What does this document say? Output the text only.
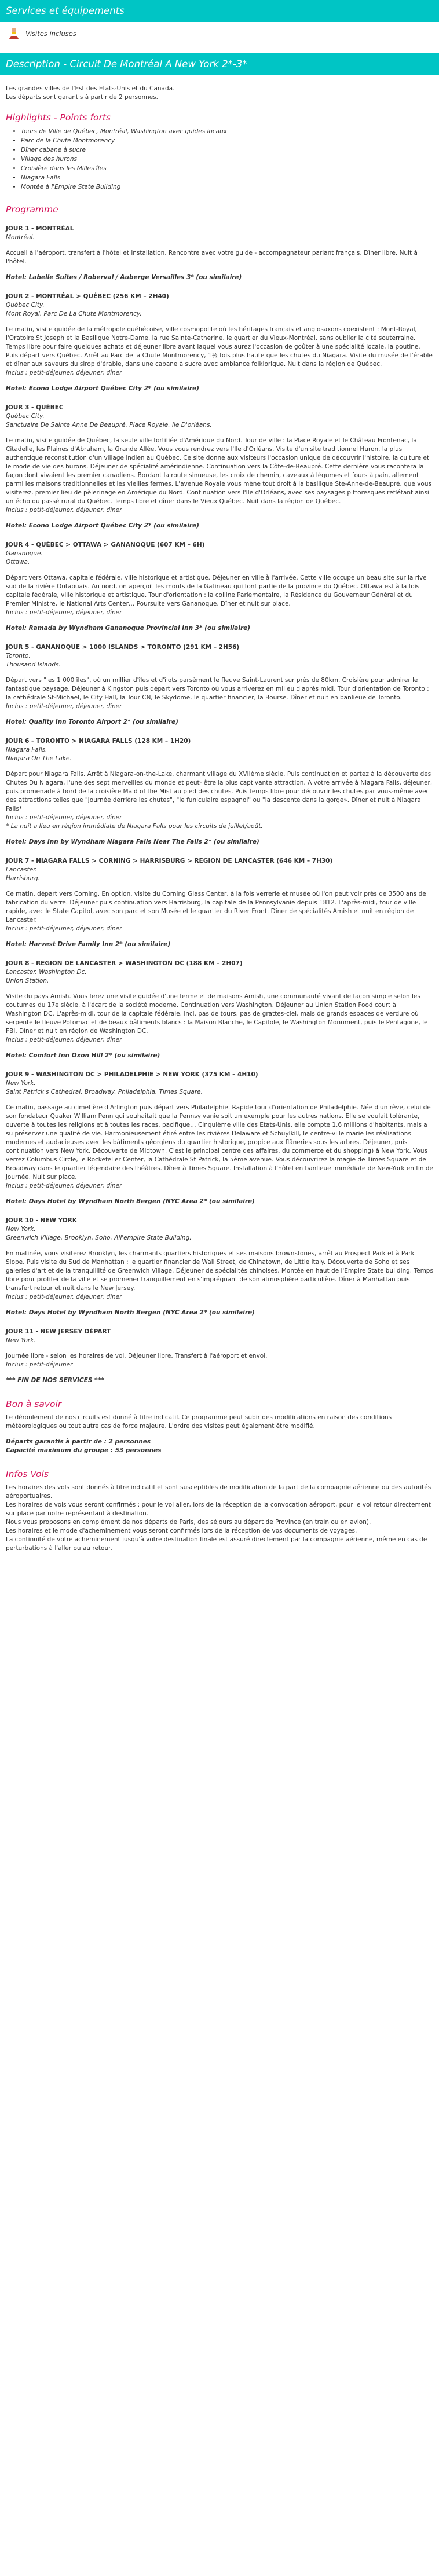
Services et équipements
Visites incluses
Description - Circuit De Montréal A New York 2*-3*

Les grandes villes de l'Est des Etats-Unis et du Canada.

Les départs sont garantis à partir de 2 personnes.

Highlights - Points forts
• Tours de Ville de Québec, Montréal, Washington avec guides locaux
• Parc de la Chute Montmorency
• Dîner cabane à sucre
• Village des hurons
• Croisière dans les Milles îles
• Niagara Falls
• Montée à l'Empire State Building
Programme
JOUR 1 - MONTRÉAL
Montréal.

Accueil à l'aéroport, transfert à l'hôtel et installation. Rencontre avec votre guide - accompagnateur parlant français. Dîner libre. Nuit à l'hôtel.

Hotel: Labelle Suites / Roberval / Auberge Versailles 3* (ou similaire)
JOUR 2 - MONTRÉAL > QUÉBEC (256 KM – 2H40)
Québec City.
Mont Royal, Parc De La Chute Montmorency.

Le matin, visite guidée de la métropole québécoise, ville cosmopolite où les héritages français et anglosaxons coexistent : Mont-Royal, l'Oratoire St Joseph et la Basilique Notre-Dame, la rue Sainte-Catherine, le quartier du Vieux-Montréal, sans oublier la cité souterraine. Temps libre pour faire quelques achats et déjeuner libre avant laquel vous aurez l'occasion de goûter à une spécialité locale, la poutine. Puis départ vers Québec. Arrêt au Parc de la Chute Montmorency, 1½ fois plus haute que les chutes du Niagara. Visite du musée de l'érable et dîner aux saveurs du sirop d'érable, dans une cabane à sucre avec ambiance folklorique. Nuit dans la région de Québec.

Inclus : petit-déjeuner, déjeuner, dîner
Hotel: Econo Lodge Airport Québec City 2* (ou similaire)
JOUR 3 - QUÉBEC
Québec City.
Sanctuaire De Sainte Anne De Beaupré, Place Royale, Ile D'orléans.

Le matin, visite guidée de Québec, la seule ville fortifiée d'Amérique du Nord. Tour de ville : la Place Royale et le Château Frontenac, la Citadelle, les Plaines d'Abraham, la Grande Allée. Vous vous rendrez vers l'Ile d'Orléans. Visite d'un site traditionnel Huron, la plus authentique reconstitution d'un village indien au Québec. Ce site donne aux visiteurs l'occasion unique de découvrir l'histoire, la culture et le mode de vie des hurons. Déjeuner de spécialité amérindienne. Continuation vers la Côte-de-Beaupré. Cette dernière vous racontera la façon dont vivaient les premier canadiens. Bordant la route sinueuse, les croix de chemin, caveaux à légumes et fours à pain, allement parmi les maisons traditionnelles et les vieilles fermes. L'avenue Royale vous mène tout droit à la basilique Ste-Anne-de-Beaupré, que vous visiterez, premier lieu de pèlerinage en Amérique du Nord. Continuation vers l'Ile d'Orléans, avec ses paysages pittoresques reflétant ainsi un écho du passé rural du Québec. Temps libre et dîner dans le Vieux Québec. Nuit dans la région de Québec.

Inclus : petit-déjeuner, déjeuner, dîner
Hotel: Econo Lodge Airport Québec City 2* (ou similaire)
JOUR 4 - QUÉBEC > OTTAWA > GANANOQUE (607 KM – 6H)
Gananoque.
Ottawa.

Départ vers Ottawa, capitale fédérale, ville historique et artistique. Déjeuner en ville à l'arrivée. Cette ville occupe un beau site sur la rive sud de la rivière Outaouais. Au nord, on aperçoit les monts de la Gatineau qui font partie de la province du Québec. Ottawa est à la fois capitale fédérale, ville historique et artistique. Tour d'orientation : la colline Parlementaire, la Résidence du Gouverneur Général et du Premier Ministre, le National Arts Center… Poursuite vers Gananoque. Dîner et nuit sur place.

Inclus : petit-déjeuner, déjeuner, dîner
Hotel: Ramada by Wyndham Gananoque Provincial Inn 3* (ou similaire)
JOUR 5 - GANANOQUE > 1000 ISLANDS > TORONTO (291 KM – 2H56)
Toronto.
Thousand Islands.

Départ vers "les 1 000 îles", où un millier d'îles et d'îlots parsèment le fleuve Saint-Laurent sur près de 80km. Croisière pour admirer le fantastique paysage. Déjeuner à Kingston puis départ vers Toronto où vous arriverez en milieu d'après midi. Tour d'orientation de Toronto : la cathédrale St-Michael, le City Hall, la Tour CN, le Skydome, le quartier financier, la Bourse. Dîner et nuit en banlieue de Toronto.

Inclus : petit-déjeuner, déjeuner, dîner
Hotel: Quality Inn Toronto Airport 2* (ou similaire)
JOUR 6 - TORONTO > NIAGARA FALLS (128 KM – 1H20)
Niagara Falls.
Niagara On The Lake.

Départ pour Niagara Falls. Arrêt à Niagara-on-the-Lake, charmant village du XVIIème siècle. Puis continuation et partez à la découverte des Chutes Du Niagara, l'une des sept merveilles du monde et peut- être la plus captivante attraction. A votre arrivée à Niagara Falls, déjeuner, puis promenade à bord de la croisière Maid of the Mist au pied des chutes. Puis temps libre pour découvrir les chutes par vous-même avec des attractions telles que "Journée derrière les chutes", "le funiculaire espagnol" ou "la descente dans la gorge». Dîner et nuit à Niagara Falls*

Inclus : petit-déjeuner, déjeuner, dîner

* La nuit a lieu en région immédiate de Niagara Falls pour les circuits de juillet/août.

Hotel: Days Inn by Wyndham Niagara Falls Near The Falls 2* (ou similaire)
JOUR 7 - NIAGARA FALLS > CORNING > HARRISBURG > REGION DE LANCASTER (646 KM – 7H30)
Lancaster.
Harrisburg.

Ce matin, départ vers Corning. En option, visite du Corning Glass Center, à la fois verrerie et musée où l'on peut voir près de 3500 ans de fabrication du verre. Déjeuner puis continuation vers Harrisburg, la capitale de la Pennsylvanie depuis 1812. L'après-midi, tour de ville rapide, avec le State Capitol, avec son parc et son Musée et le quartier du River Front. Dîner de spécialités Amish et nuit en région de Lancaster.

Inclus : petit-déjeuner, déjeuner, dîner
Hotel: Harvest Drive Family Inn 2* (ou similaire)
JOUR 8 - REGION DE LANCASTER > WASHINGTON DC (188 KM – 2H07)
Lancaster, Washington Dc.
Union Station.

Visite du pays Amish. Vous ferez une visite guidée d'une ferme et de maisons Amish, une communauté vivant de façon simple selon les coutumes du 17e siècle, à l'écart de la société moderne. Continuation vers Washington. Déjeuner au Union Station Food court à Washington DC. L'après-midi, tour de la capitale fédérale, incl. pas de tours, pas de grattes-ciel, mais de grands espaces de verdure où serpente le fleuve Potomac et de beaux bâtiments blancs : la Maison Blanche, le Capitole, le Washington Monument, puis le Pentagone, le FBI. Dîner et nuit en région de Washington DC.

Inclus : petit-déjeuner, déjeuner, dîner
Hotel: Comfort Inn Oxon Hill 2* (ou similaire)
JOUR 9 - WASHINGTON DC > PHILADELPHIE > NEW YORK (375 KM – 4H10)
New York.
Saint Patrick's Cathedral, Broadway, Philadelphia, Times Square.

Ce matin, passage au cimetière d'Arlington puis départ vers Philadelphie. Rapide tour d'orientation de Philadelphie. Née d'un rêve, celui de son fondateur Quaker William Penn qui souhaitait que la Pennsylvanie soit un exemple pour les autres nations. Elle se voulait tolérante, ouverte à toutes les religions et à toutes les races, pacifique… Cinquième ville des Etats-Unis, elle compte 1,6 millions d'habitants, mais a su préserver une qualité de vie. Harmonieusement étiré entre les rivières Delaware et Schuylkill, le centre-ville marie les réalisations modernes et audacieuses avec les bâtiments géorgiens du quartier historique, propice aux flâneries sous les arbres. Déjeuner, puis continuation vers New York. Découverte de Midtown. C'est le principal centre des affaires, du commerce et du shopping) à New York. Vous verrez Columbus Circle, le Rockefeller Center, la Cathédrale St Patrick, la 5ème avenue. Vous découvrirez la magie de Times Square et de Broadway dans le quartier légendaire des théâtres. Dîner à Times Square. Installation à l'hôtel en banlieue immédiate de New-York en fin de journée. Nuit sur place.

Inclus : petit-déjeuner, déjeuner, dîner
Hotel: Days Hotel by Wyndham North Bergen (NYC Area 2* (ou similaire)
JOUR 10 - NEW YORK
New York.
Greenwich Village, Brooklyn, Soho, All'empire State Building.

En matinée, vous visiterez Brooklyn, les charmants quartiers historiques et ses maisons brownstones, arrêt au Prospect Park et à Park Slope. Puis visite du Sud de Manhattan : le quartier financier de Wall Street, de Chinatown, de Little Italy. Découverte de Soho et ses galeries d'art et de la tranquillité de Greenwich Village. Déjeuner de spécialités chinoises. Montée en haut de l'Empire State building. Temps libre pour profiter de la ville et se promener tranquillement en s'imprégnant de son atmosphère particulière. Dîner à Manhattan puis transfert retour et nuit dans le New Jersey.

Inclus : petit-déjeuner, déjeuner, dîner
Hotel: Days Hotel by Wyndham North Bergen (NYC Area 2* (ou similaire)
JOUR 11 - NEW JERSEY DÉPART
New York.

Journée libre - selon les horaires de vol. Déjeuner libre. Transfert à l'aéroport et envol.

Inclus : petit-déjeuner
*** FIN DE NOS SERVICES ***
Bon à savoir

Le déroulement de nos circuits est donné à titre indicatif. Ce programme peut subir des modifications en raison des conditions météorologiques ou tout autre cas de force majeure. L'ordre des visites peut également être modifié.

Départs garantis à partir de : 2 personnes

Capacité maximum du groupe : 53 personnes

Infos Vols

Les horaires des vols sont donnés à titre indicatif et sont susceptibles de modification de la part de la compagnie aérienne ou des autorités aéroportuaires.

Les horaires de vols vous seront confirmés : pour le vol aller, lors de la réception de la convocation aéroport, pour le vol retour directement sur place par notre représentant à destination.

Nous vous proposons en complément de nos départs de Paris, des séjours au départ de Province (en train ou en avion).

Les horaires et le mode d'acheminement vous seront confirmés lors de la réception de vos documents de voyages.

La continuité de votre acheminement jusqu'à votre destination finale est assuré directement par la compagnie aérienne, même en cas de perturbations à l'aller ou au retour.
